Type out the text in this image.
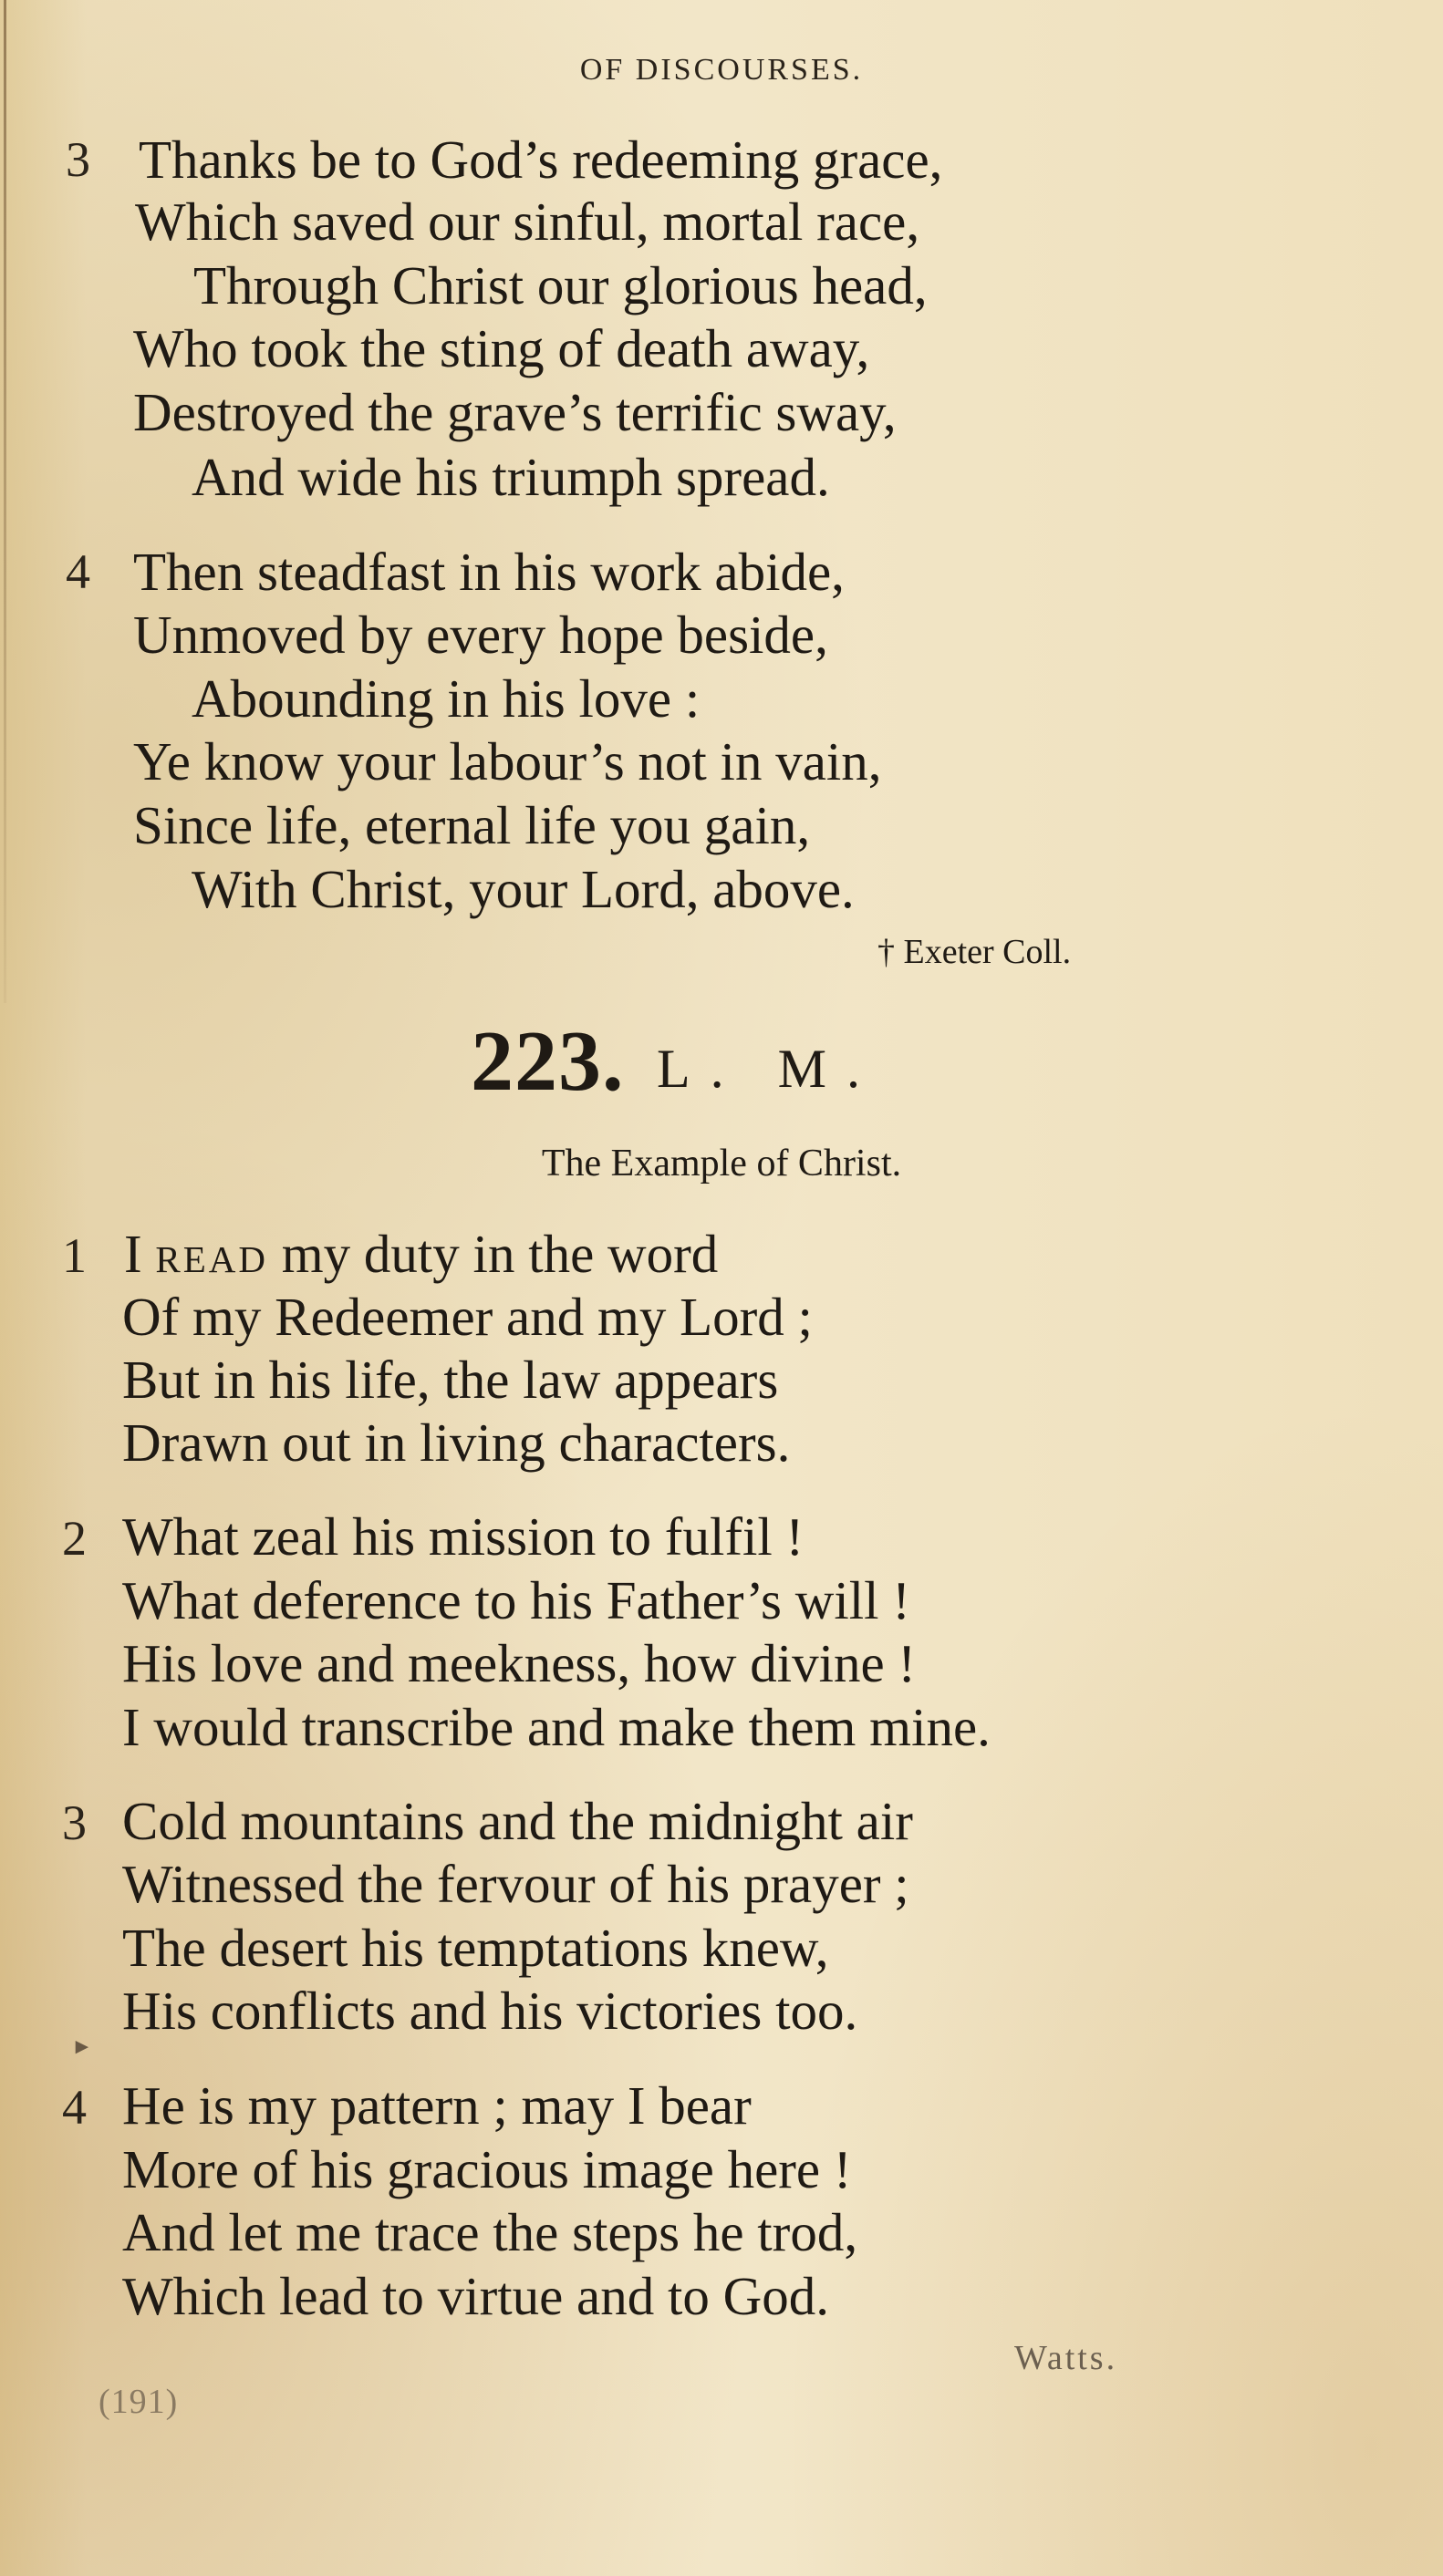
OF DISCOURSES.
3 Thanks be to God’s redeeming grace,
Which saved our sinful, mortal race,
Through Christ our glorious head,
Who took the sting of death away,
Destroyed the grave’s terrific sway,
And wide his triumph spread.
4 Then steadfast in his work abide,
Unmoved by every hope beside,
Abounding in his love :
Ye know your labour’s not in vain,
Since life, eternal life you gain,
With Christ, your Lord, above.
† Exeter Coll.
223. L. M.
The Example of Christ.
1 I read my duty in the word
Of my Redeemer and my Lord ;
But in his life, the law appears
Drawn out in living characters.
2 What zeal his mission to fulfil !
What deference to his Father’s will !
His love and meekness, how divine !
I would transcribe and make them mine.
3 Cold mountains and the midnight air
Witnessed the fervour of his prayer ;
The desert his temptations knew,
His conflicts and his victories too.
►
4 He is my pattern ; may I bear
More of his gracious image here !
And let me trace the steps he trod,
Which lead to virtue and to God.
Watts.
(191)
